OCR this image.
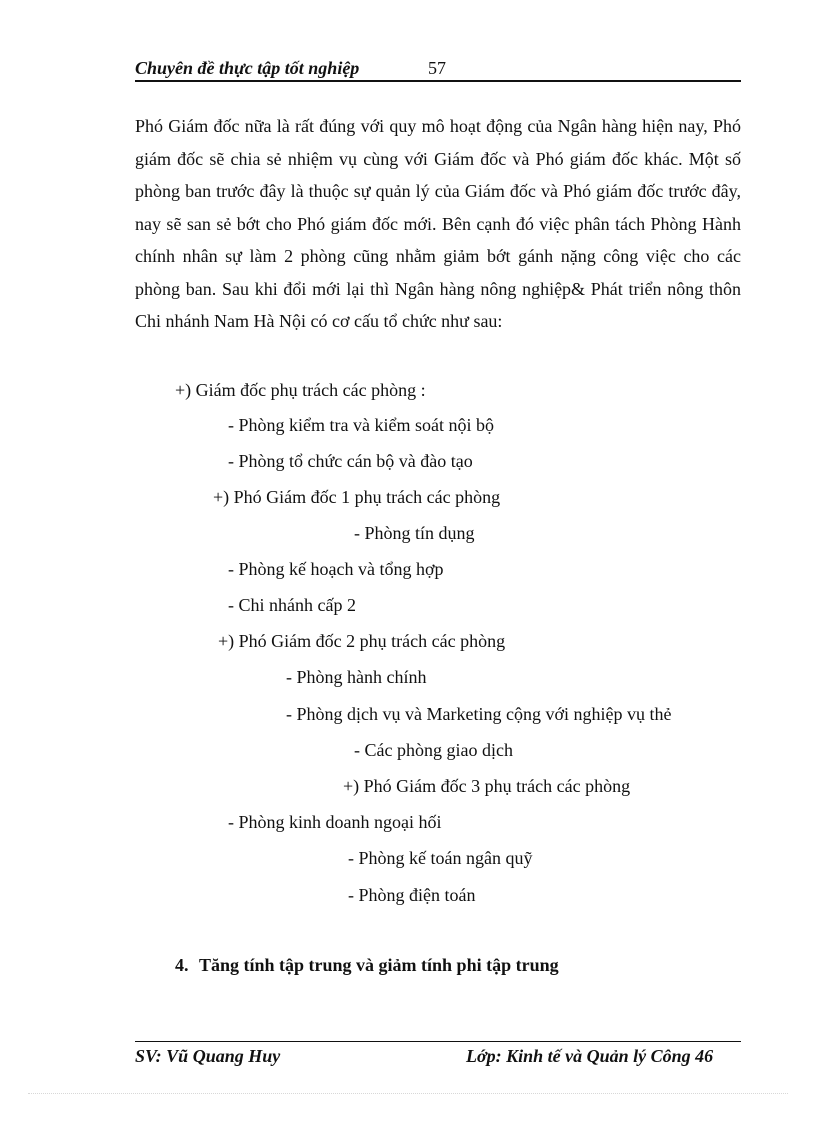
Chuyên đề thực tập tốt nghiệp	57
Phó Giám đốc nữa là rất đúng với quy mô hoạt động của Ngân hàng hiện nay, Phó giám đốc sẽ chia sẻ nhiệm vụ cùng với Giám đốc và Phó giám đốc khác. Một số phòng ban trước đây là thuộc sự quản lý của Giám đốc và Phó giám đốc trước đây, nay sẽ san sẻ bớt cho Phó giám đốc mới. Bên cạnh đó việc phân tách Phòng Hành chính nhân sự làm 2 phòng cũng nhằm giảm bớt gánh nặng công việc cho các phòng ban. Sau khi đổi mới lại thì Ngân hàng nông nghiệp& Phát triển nông thôn Chi nhánh Nam Hà Nội có cơ cấu tổ chức như sau:
+) Giám đốc phụ trách các phòng :
- Phòng kiểm tra và kiểm soát nội bộ
- Phòng tổ chức cán bộ và đào tạo
+) Phó Giám đốc 1 phụ trách các phòng
- Phòng tín dụng
- Phòng kế hoạch và tổng hợp
- Chi nhánh cấp 2
+) Phó Giám đốc 2 phụ trách các phòng
- Phòng hành chính
- Phòng dịch vụ và Marketing cộng với nghiệp vụ thẻ
- Các phòng giao dịch
+) Phó Giám đốc 3 phụ trách các phòng
- Phòng kinh doanh ngoại hối
- Phòng kế toán ngân quỹ
- Phòng điện toán
4. Tăng tính tập trung và giảm tính phi tập trung
SV: Vũ Quang Huy	Lớp: Kinh tế và Quản lý Công 46
